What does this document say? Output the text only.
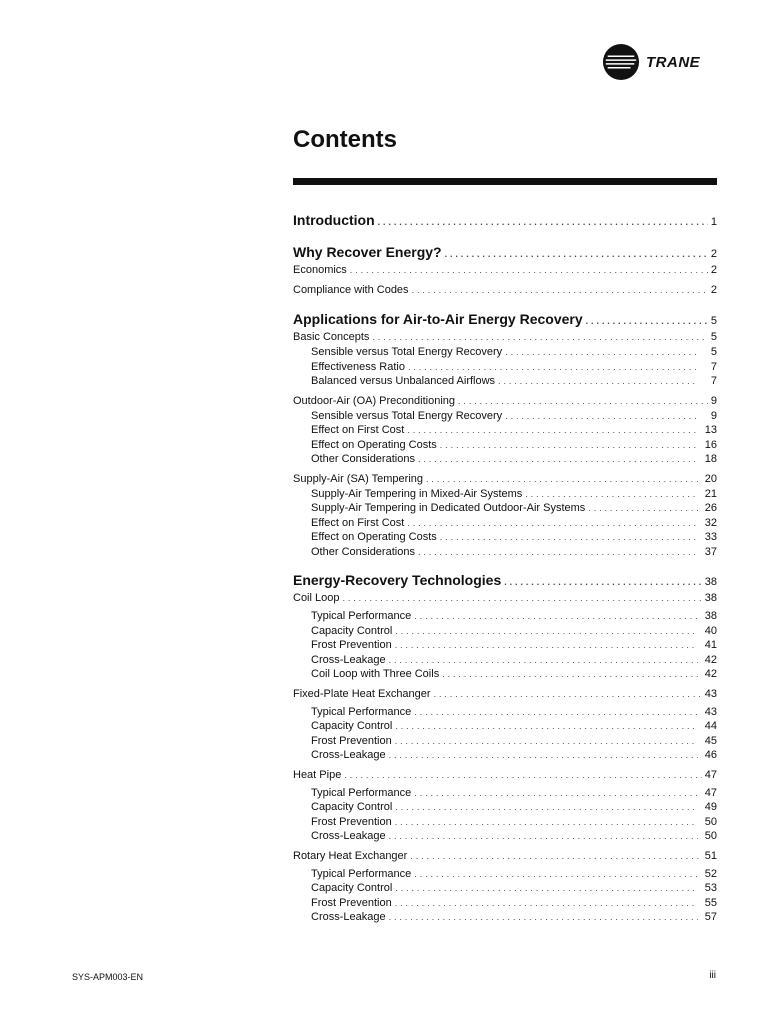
TRANE
Contents
Introduction . . .	1
Why Recover Energy? . . .	2
Economics . . .	2
Compliance with Codes . . .	2
Applications for Air-to-Air Energy Recovery . . .	5
Basic Concepts . . .	5
Sensible versus Total Energy Recovery . . .	5
Effectiveness Ratio . . .	7
Balanced versus Unbalanced Airflows . . .	7
Outdoor-Air (OA) Preconditioning . . .	9
Sensible versus Total Energy Recovery . . .	9
Effect on First Cost . . .	13
Effect on Operating Costs . . .	16
Other Considerations . . .	18
Supply-Air (SA) Tempering . . .	20
Supply-Air Tempering in Mixed-Air Systems . . .	21
Supply-Air Tempering in Dedicated Outdoor-Air Systems . . .	26
Effect on First Cost . . .	32
Effect on Operating Costs . . .	33
Other Considerations . . .	37
Energy-Recovery Technologies . . .	38
Coil Loop . . .	38
Typical Performance . . .	38
Capacity Control . . .	40
Frost Prevention . . .	41
Cross-Leakage . . .	42
Coil Loop with Three Coils . . .	42
Fixed-Plate Heat Exchanger . . .	43
Typical Performance . . .	43
Capacity Control . . .	44
Frost Prevention . . .	45
Cross-Leakage . . .	46
Heat Pipe . . .	47
Typical Performance . . .	47
Capacity Control . . .	49
Frost Prevention . . .	50
Cross-Leakage . . .	50
Rotary Heat Exchanger . . .	51
Typical Performance . . .	52
Capacity Control . . .	53
Frost Prevention . . .	55
Cross-Leakage . . .	57
SYS-APM003-EN	iii
